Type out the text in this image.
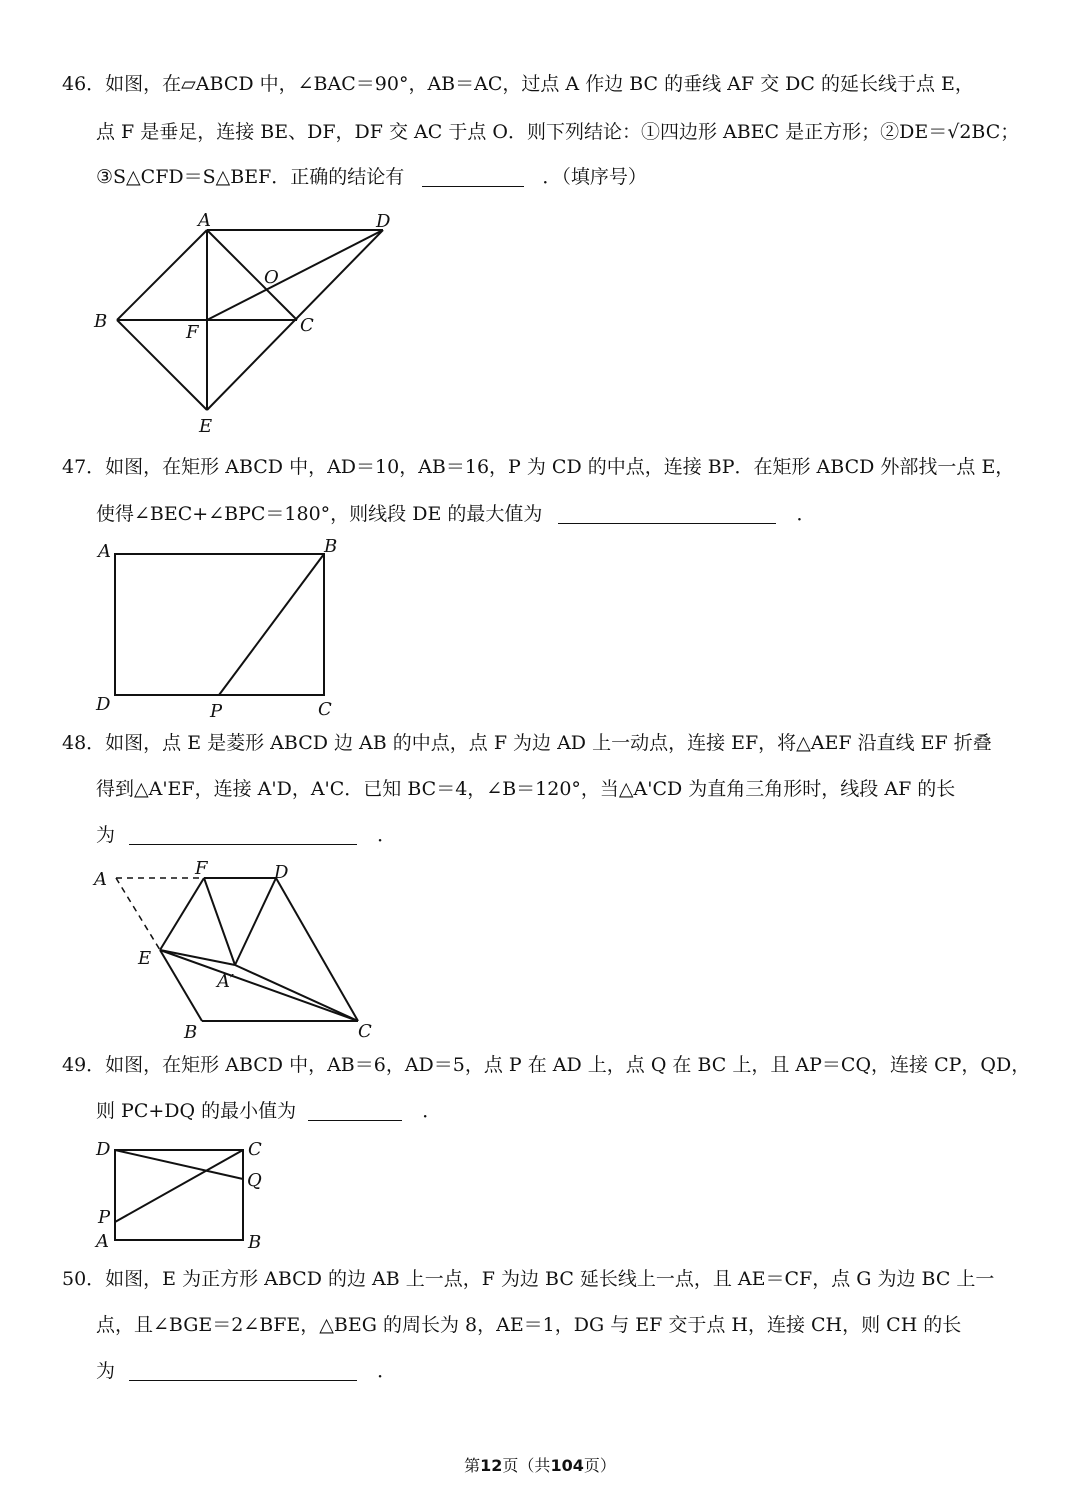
46．如图，在▱ABCD 中，∠BAC＝90°，AB＝AC，过点 A 作边 BC 的垂线 AF 交 DC 的延长线于点 E，
点 F 是垂足，连接 BE、DF，DF 交 AC 于点 O．则下列结论：①四边形 ABEC 是正方形；②DE＝√2BC；
③S△CFD＝S△BEF．正确的结论有	．（填序号）
A	D
O
B
F	C
E
47．如图，在矩形 ABCD 中，AD＝10，AB＝16，P 为 CD 的中点，连接 BP．在矩形 ABCD 外部找一点 E，
使得∠BEC+∠BPC＝180°，则线段 DE 的最大值为	．
A	B
D	P	C
48．如图，点 E 是菱形 ABCD 边 AB 的中点，点 F 为边 AD 上一动点，连接 EF，将△AEF 沿直线 EF 折叠
得到△A'EF，连接 A'D，A'C．已知 BC＝4，∠B＝120°，当△A'CD 为直角三角形时，线段 AF 的长
为	．
A
F	D
E
A′
B	C
49．如图，在矩形 ABCD 中，AB＝6，AD＝5，点 P 在 AD 上，点 Q 在 BC 上，且 AP＝CQ，连接 CP，QD，
则 PC+DQ 的最小值为	．
D	C
Q
P
A	B
50．如图，E 为正方形 ABCD 的边 AB 上一点，F 为边 BC 延长线上一点，且 AE＝CF，点 G 为边 BC 上一
点，且∠BGE＝2∠BFE，△BEG 的周长为 8，AE＝1，DG 与 EF 交于点 H，连接 CH，则 CH 的长
为	．
第12页（共104页）
